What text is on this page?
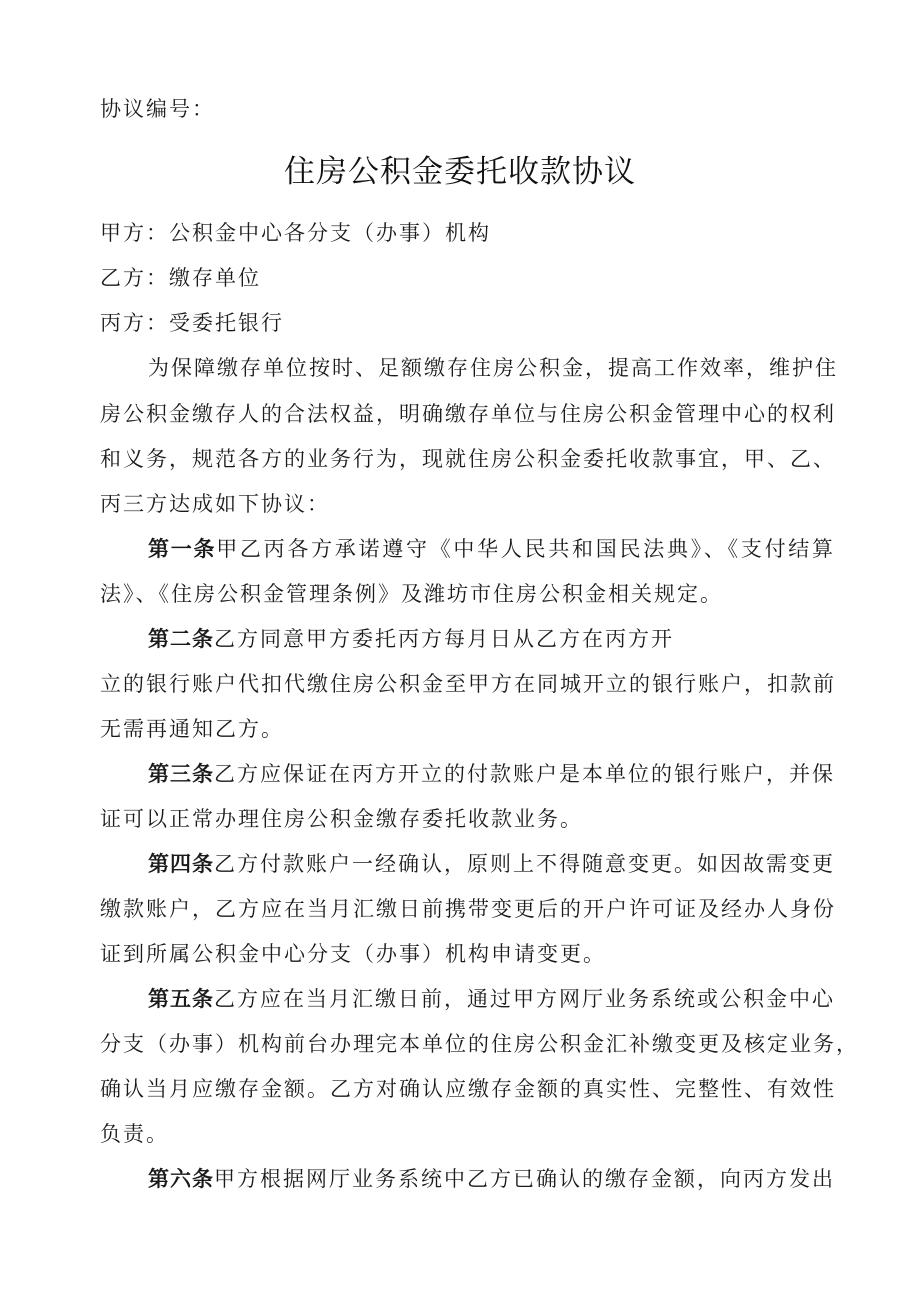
协议编号：
住房公积金委托收款协议
甲方：公积金中心各分支（办事）机构
乙方：缴存单位
丙方：受委托银行
为保障缴存单位按时、足额缴存住房公积金，提高工作效率，维护住
房公积金缴存人的合法权益，明确缴存单位与住房公积金管理中心的权利
和义务，规范各方的业务行为，现就住房公积金委托收款事宜，甲、乙、
丙三方达成如下协议：
第一条甲乙丙各方承诺遵守《中华人民共和国民法典》、《支付结算
法》、《住房公积金管理条例》及潍坊市住房公积金相关规定。
第二条乙方同意甲方委托丙方每月日从乙方在丙方开
立的银行账户代扣代缴住房公积金至甲方在同城开立的银行账户，扣款前
无需再通知乙方。
第三条乙方应保证在丙方开立的付款账户是本单位的银行账户，并保
证可以正常办理住房公积金缴存委托收款业务。
第四条乙方付款账户一经确认，原则上不得随意变更。如因故需变更
缴款账户，乙方应在当月汇缴日前携带变更后的开户许可证及经办人身份
证到所属公积金中心分支（办事）机构申请变更。
第五条乙方应在当月汇缴日前，通过甲方网厅业务系统或公积金中心
分支（办事）机构前台办理完本单位的住房公积金汇补缴变更及核定业务，
确认当月应缴存金额。乙方对确认应缴存金额的真实性、完整性、有效性
负责。
第六条甲方根据网厅业务系统中乙方已确认的缴存金额，向丙方发出
